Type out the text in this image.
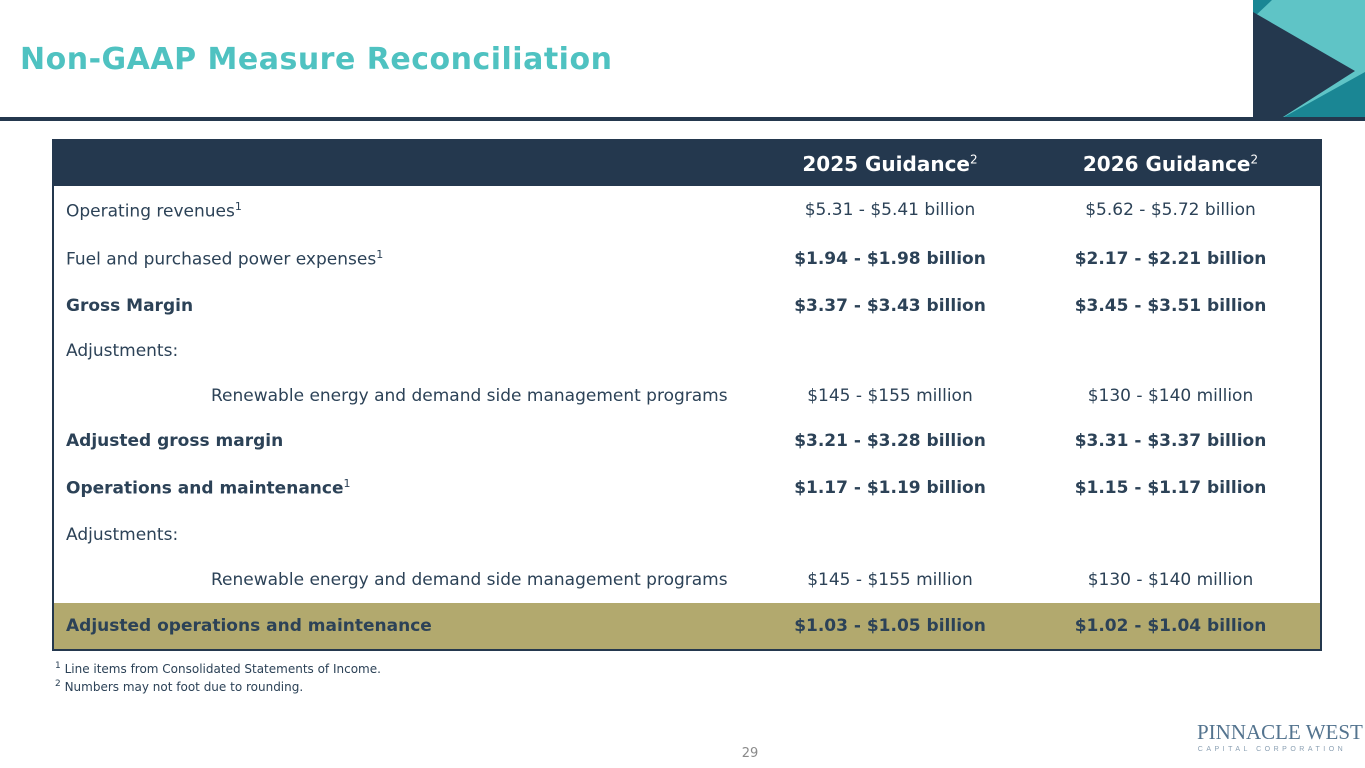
Non-GAAP Measure Reconciliation
	2025 Guidance$^2$	2026 Guidance$^2$
Operating revenues$^1$	$5.31 - $5.41 billion	$5.62 - $5.72 billion
Fuel and purchased power expenses$^1$	$1.94 - $1.98 billion	$2.17 - $2.21 billion
Gross Margin	$3.37 - $3.43 billion	$3.45 - $3.51 billion
Adjustments:		
Renewable energy and demand side management programs	$145 - $155 million	$130 - $140 million
Adjusted gross margin	$3.21 - $3.28 billion	$3.31 - $3.37 billion
Operations and maintenance$^1$	$1.17 - $1.19 billion	$1.15 - $1.17 billion
Adjustments:		
Renewable energy and demand side management programs	$145 - $155 million	$130 - $140 million
Adjusted operations and maintenance	$1.03 - $1.05 billion	$1.02 - $1.04 billion
$^1$ Line items from Consolidated Statements of Income.
$^2$ Numbers may not foot due to rounding.
29
PINNACLE WEST
CAPITAL CORPORATION
